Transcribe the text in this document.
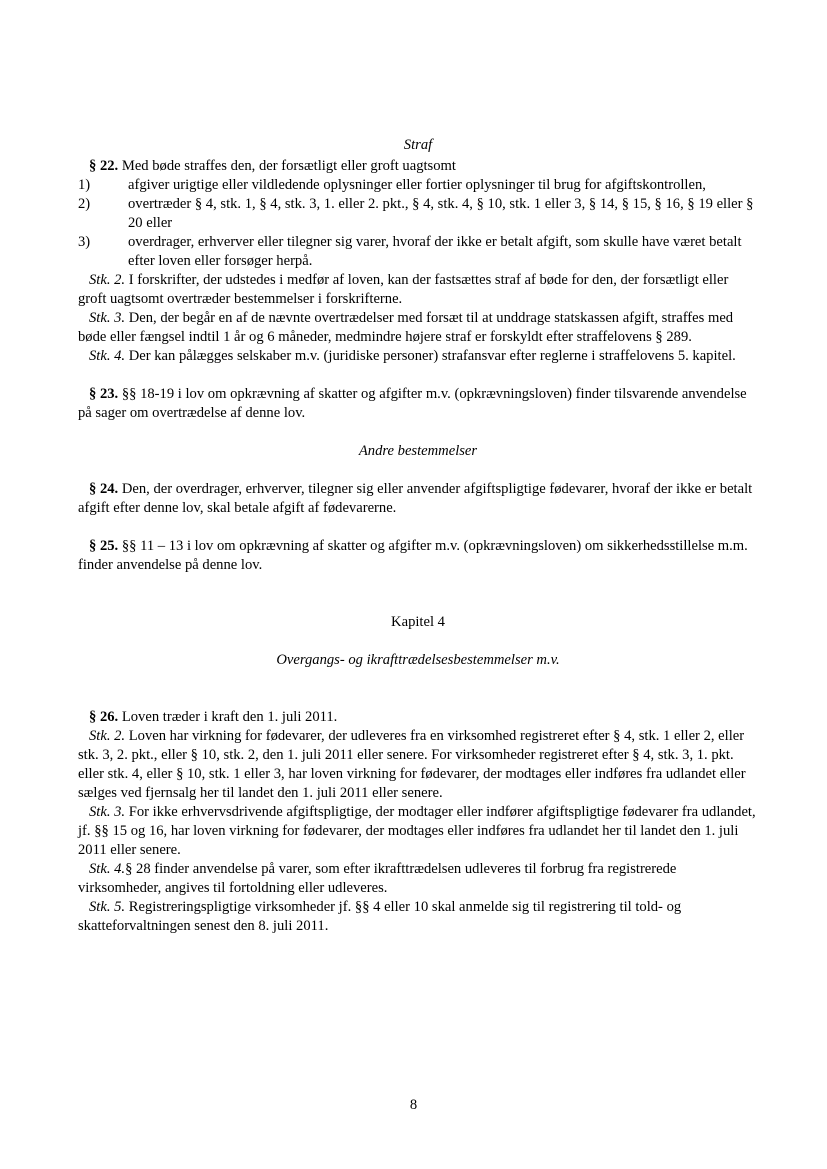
Straf

§ 22. Med bøde straffes den, der forsætligt eller groft uagtsomt

1)	afgiver urigtige eller vildledende oplysninger eller fortier oplysninger til brug for afgiftskontrollen,
2)	overtræder § 4, stk. 1, § 4, stk. 3, 1. eller 2. pkt., § 4, stk. 4, § 10, stk. 1 eller 3, § 14, § 15, § 16, § 19 eller § 20 eller
3)	overdrager, erhverver eller tilegner sig varer, hvoraf der ikke er betalt afgift, som skulle have været betalt efter loven eller forsøger herpå.

Stk. 2. I forskrifter, der udstedes i medfør af loven, kan der fastsættes straf af bøde for den, der forsætligt eller groft uagtsomt overtræder bestemmelser i forskrifterne.

Stk. 3. Den, der begår en af de nævnte overtrædelser med forsæt til at unddrage statskassen afgift, straffes med bøde eller fængsel indtil 1 år og 6 måneder, medmindre højere straf er forskyldt efter straffelovens § 289.

Stk. 4. Der kan pålægges selskaber m.v. (juridiske personer) strafansvar efter reglerne i straffelovens 5. kapitel.

§ 23. §§ 18-19 i lov om opkrævning af skatter og afgifter m.v. (opkrævningsloven) finder tilsvarende anvendelse på sager om overtrædelse af denne lov.

Andre bestemmelser

§ 24. Den, der overdrager, erhverver, tilegner sig eller anvender afgiftspligtige fødevarer, hvoraf der ikke er betalt afgift efter denne lov, skal betale afgift af fødevarerne.

§ 25. §§ 11 – 13 i lov om opkrævning af skatter og afgifter m.v. (opkrævningsloven) om sikkerhedsstillelse m.m. finder anvendelse på denne lov.

Kapitel 4

Overgangs- og ikrafttrædelsesbestemmelser m.v.

§ 26. Loven træder i kraft den 1. juli 2011.

Stk. 2. Loven har virkning for fødevarer, der udleveres fra en virksomhed registreret efter § 4, stk. 1 eller 2, eller stk. 3, 2. pkt., eller § 10, stk. 2, den 1. juli 2011 eller senere. For virksomheder registreret efter § 4, stk. 3, 1. pkt. eller stk. 4, eller § 10, stk. 1 eller 3, har loven virkning for fødevarer, der modtages eller indføres fra udlandet eller sælges ved fjernsalg her til landet den 1. juli 2011 eller senere.

Stk. 3. For ikke erhvervsdrivende afgiftspligtige, der modtager eller indfører afgiftspligtige fødevarer fra udlandet, jf. §§ 15 og 16, har loven virkning for fødevarer, der modtages eller indføres fra udlandet her til landet den 1. juli 2011 eller senere.

Stk. 4.§ 28 finder anvendelse på varer, som efter ikrafttrædelsen udleveres til forbrug fra registrerede virksomheder, angives til fortoldning eller udleveres.

Stk. 5. Registreringspligtige virksomheder jf. §§ 4 eller 10 skal anmelde sig til registrering til told- og skatteforvaltningen senest den 8. juli 2011.

8
